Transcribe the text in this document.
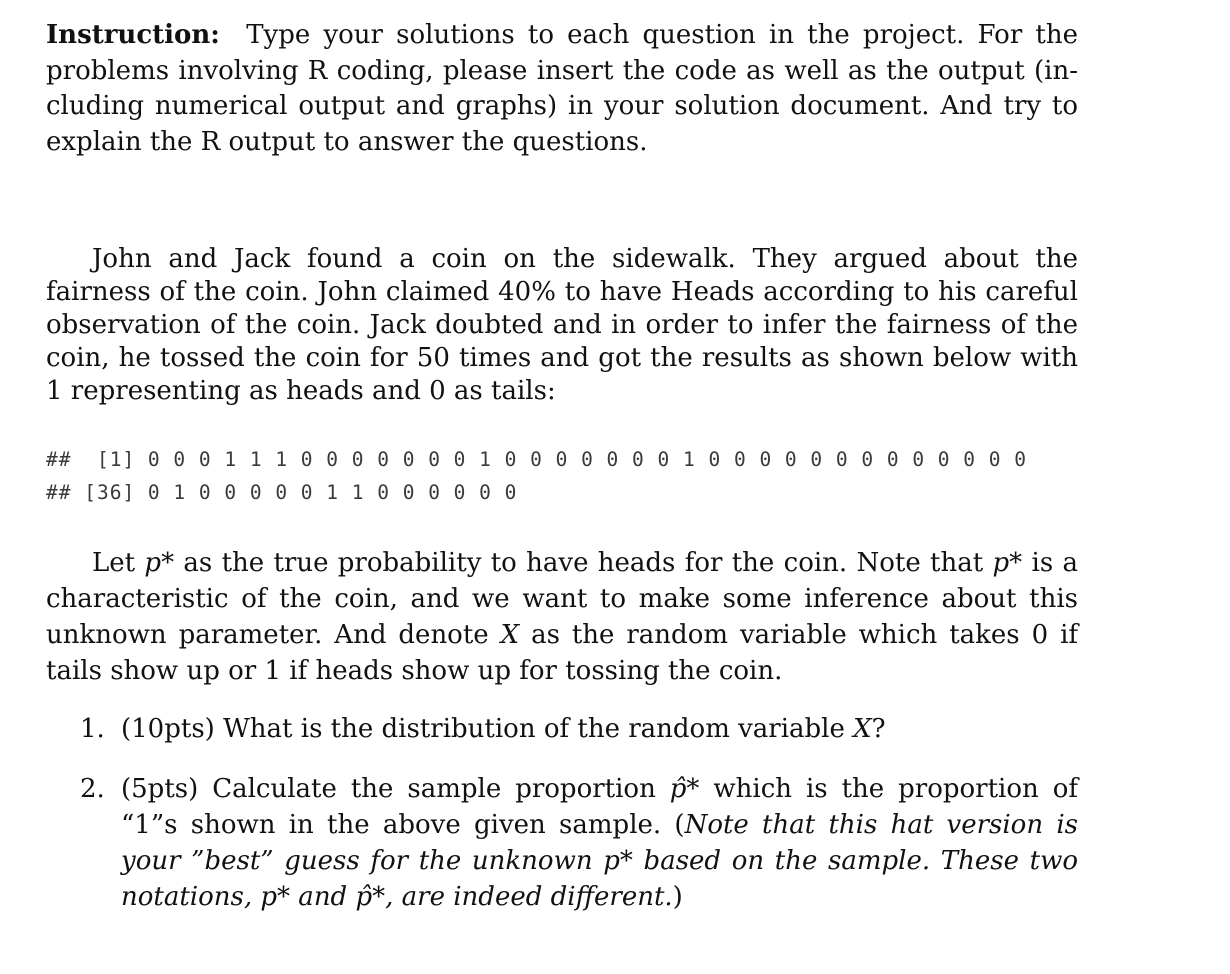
Instruction: Type your solutions to each question in the project. For the problems involving R coding, please insert the code as well as the output (including numerical output and graphs) in your solution document. And try to explain the R output to answer the questions.

John and Jack found a coin on the sidewalk. They argued about the fairness of the coin. John claimed 40% to have Heads according to his careful observation of the coin. Jack doubted and in order to infer the fairness of the coin, he tossed the coin for 50 times and got the results as shown below with 1 representing as heads and 0 as tails:

##  [1] 0 0 0 1 1 1 0 0 0 0 0 0 0 1 0 0 0 0 0 0 0 1 0 0 0 0 0 0 0 0 0 0 0 0 0
## [36] 0 1 0 0 0 0 0 1 1 0 0 0 0 0 0

Let p* as the true probability to have heads for the coin. Note that p* is a characteristic of the coin, and we want to make some inference about this unknown parameter. And denote X as the random variable which takes 0 if tails show up or 1 if heads show up for tossing the coin.

1. (10pts) What is the distribution of the random variable X?
2. (5pts) Calculate the sample proportion p̂* which is the proportion of “1”s shown in the above given sample. (Note that this hat version is your ”best” guess for the unknown p* based on the sample. These two notations, p* and p̂*, are indeed different.)
